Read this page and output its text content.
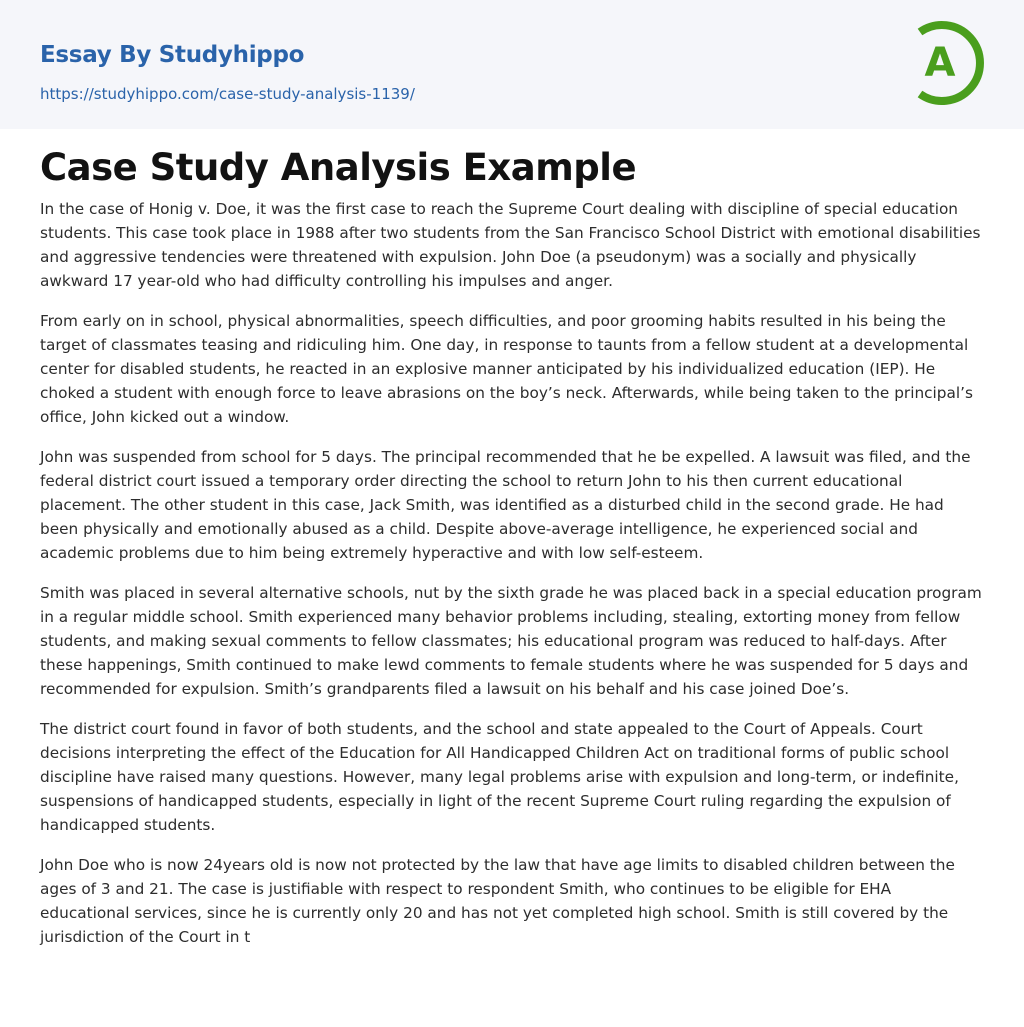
Essay By Studyhippo
https://studyhippo.com/case-study-analysis-1139/
A
Case Study Analysis Example

In the case of Honig v. Doe, it was the first case to reach the Supreme Court dealing with discipline of special education students. This case took place in 1988 after two students from the San Francisco School District with emotional disabilities and aggressive tendencies were threatened with expulsion. John Doe (a pseudonym) was a socially and physically awkward 17 year-old who had difficulty controlling his impulses and anger.

From early on in school, physical abnormalities, speech difficulties, and poor grooming habits resulted in his being the target of classmates teasing and ridiculing him. One day, in response to taunts from a fellow student at a developmental center for disabled students, he reacted in an explosive manner anticipated by his individualized education (IEP). He choked a student with enough force to leave abrasions on the boy’s neck. Afterwards, while being taken to the principal’s office, John kicked out a window.

John was suspended from school for 5 days. The principal recommended that he be expelled. A lawsuit was filed, and the federal district court issued a temporary order directing the school to return John to his then current educational placement. The other student in this case, Jack Smith, was identified as a disturbed child in the second grade. He had been physically and emotionally abused as a child. Despite above-average intelligence, he experienced social and academic problems due to him being extremely hyperactive and with low self-esteem.

Smith was placed in several alternative schools, nut by the sixth grade he was placed back in a special education program in a regular middle school. Smith experienced many behavior problems including, stealing, extorting money from fellow students, and making sexual comments to fellow classmates; his educational program was reduced to half-days. After these happenings, Smith continued to make lewd comments to female students where he was suspended for 5 days and recommended for expulsion. Smith’s grandparents filed a lawsuit on his behalf and his case joined Doe’s.

The district court found in favor of both students, and the school and state appealed to the Court of Appeals. Court decisions interpreting the effect of the Education for All Handicapped Children Act on traditional forms of public school discipline have raised many questions. However, many legal problems arise with expulsion and long-term, or indefinite, suspensions of handicapped students, especially in light of the recent Supreme Court ruling regarding the expulsion of handicapped students.

John Doe who is now 24years old is now not protected by the law that have age limits to disabled children between the ages of 3 and 21. The case is justifiable with respect to respondent Smith, who continues to be eligible for EHA educational services, since he is currently only 20 and has not yet completed high school. Smith is still covered by the jurisdiction of the Court in t
